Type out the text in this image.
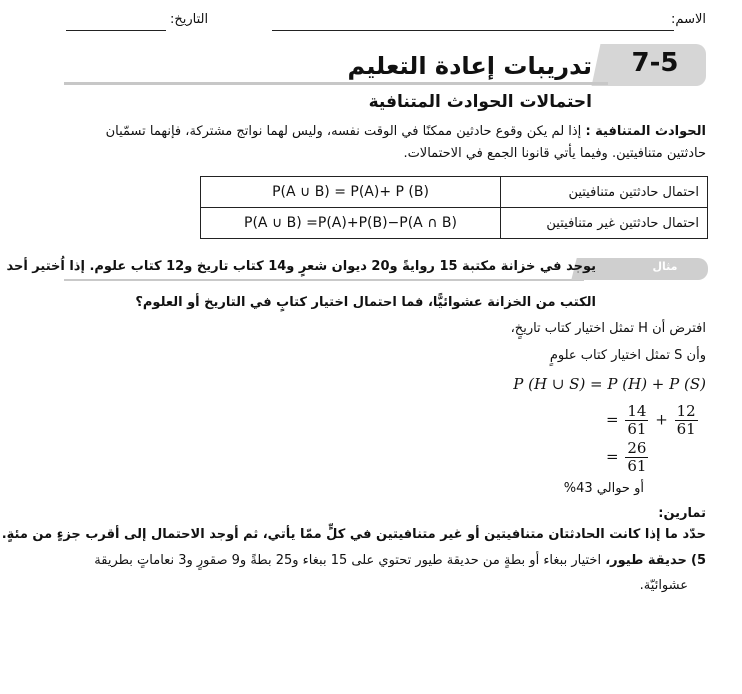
الاسم:
التاريخ:
7-5
تدريبات إعادة التعليم
احتمالات الحوادث المتنافية
الحوادث المتنافية : إذا لم يكن وقوع حادثين ممكنًا في الوقت نفسه، وليس لهما نواتج مشتركة، فإنهما تسمّيان حادثتين متنافيتين. وفيما يأتي قانونا الجمع في الاحتمالات.
احتمال حادثتين متنافيتين	P(A ∪ B) = P(A)+ P (B)
احتمال حادثتين غير متنافيتين	P(A ∪ B) =P(A)+P(B)−P(A ∩ B)
مثال
يوجد في خزانة مكتبة 15 روايةً و20 ديوان شعرٍ و14 كتاب تاريخ و12 كتاب علوم. إذا اُختير أحد
الكتب من الخزانة عشوائيًّا، فما احتمال اختيار كتابٍ في التاريخ أو العلوم؟
افترض أن H تمثل اختيار كتاب تاريخٍ،
وأن S تمثل اختيار كتاب علومٍ
P (H ∪ S) = P (H) + P (S)
= $\frac{14}{61} + \frac{12}{61}$
= $\frac{26}{61}$
أو حوالي 43%
تمارين:
حدّد ما إذا كانت الحادثتان متنافيتين أو غير متنافيتين في كلٍّ ممّا يأتي، ثم أوجد الاحتمال إلى أقرب جزءٍ من مئةٍ.
5) حديقة طيور، اختيار ببغاء أو بطةٍ من حديقة طيور تحتوي على 15 ببغاء و25 بطةً و9 صقورٍ و3 نعاماتٍ بطريقة
عشوائيّة.
